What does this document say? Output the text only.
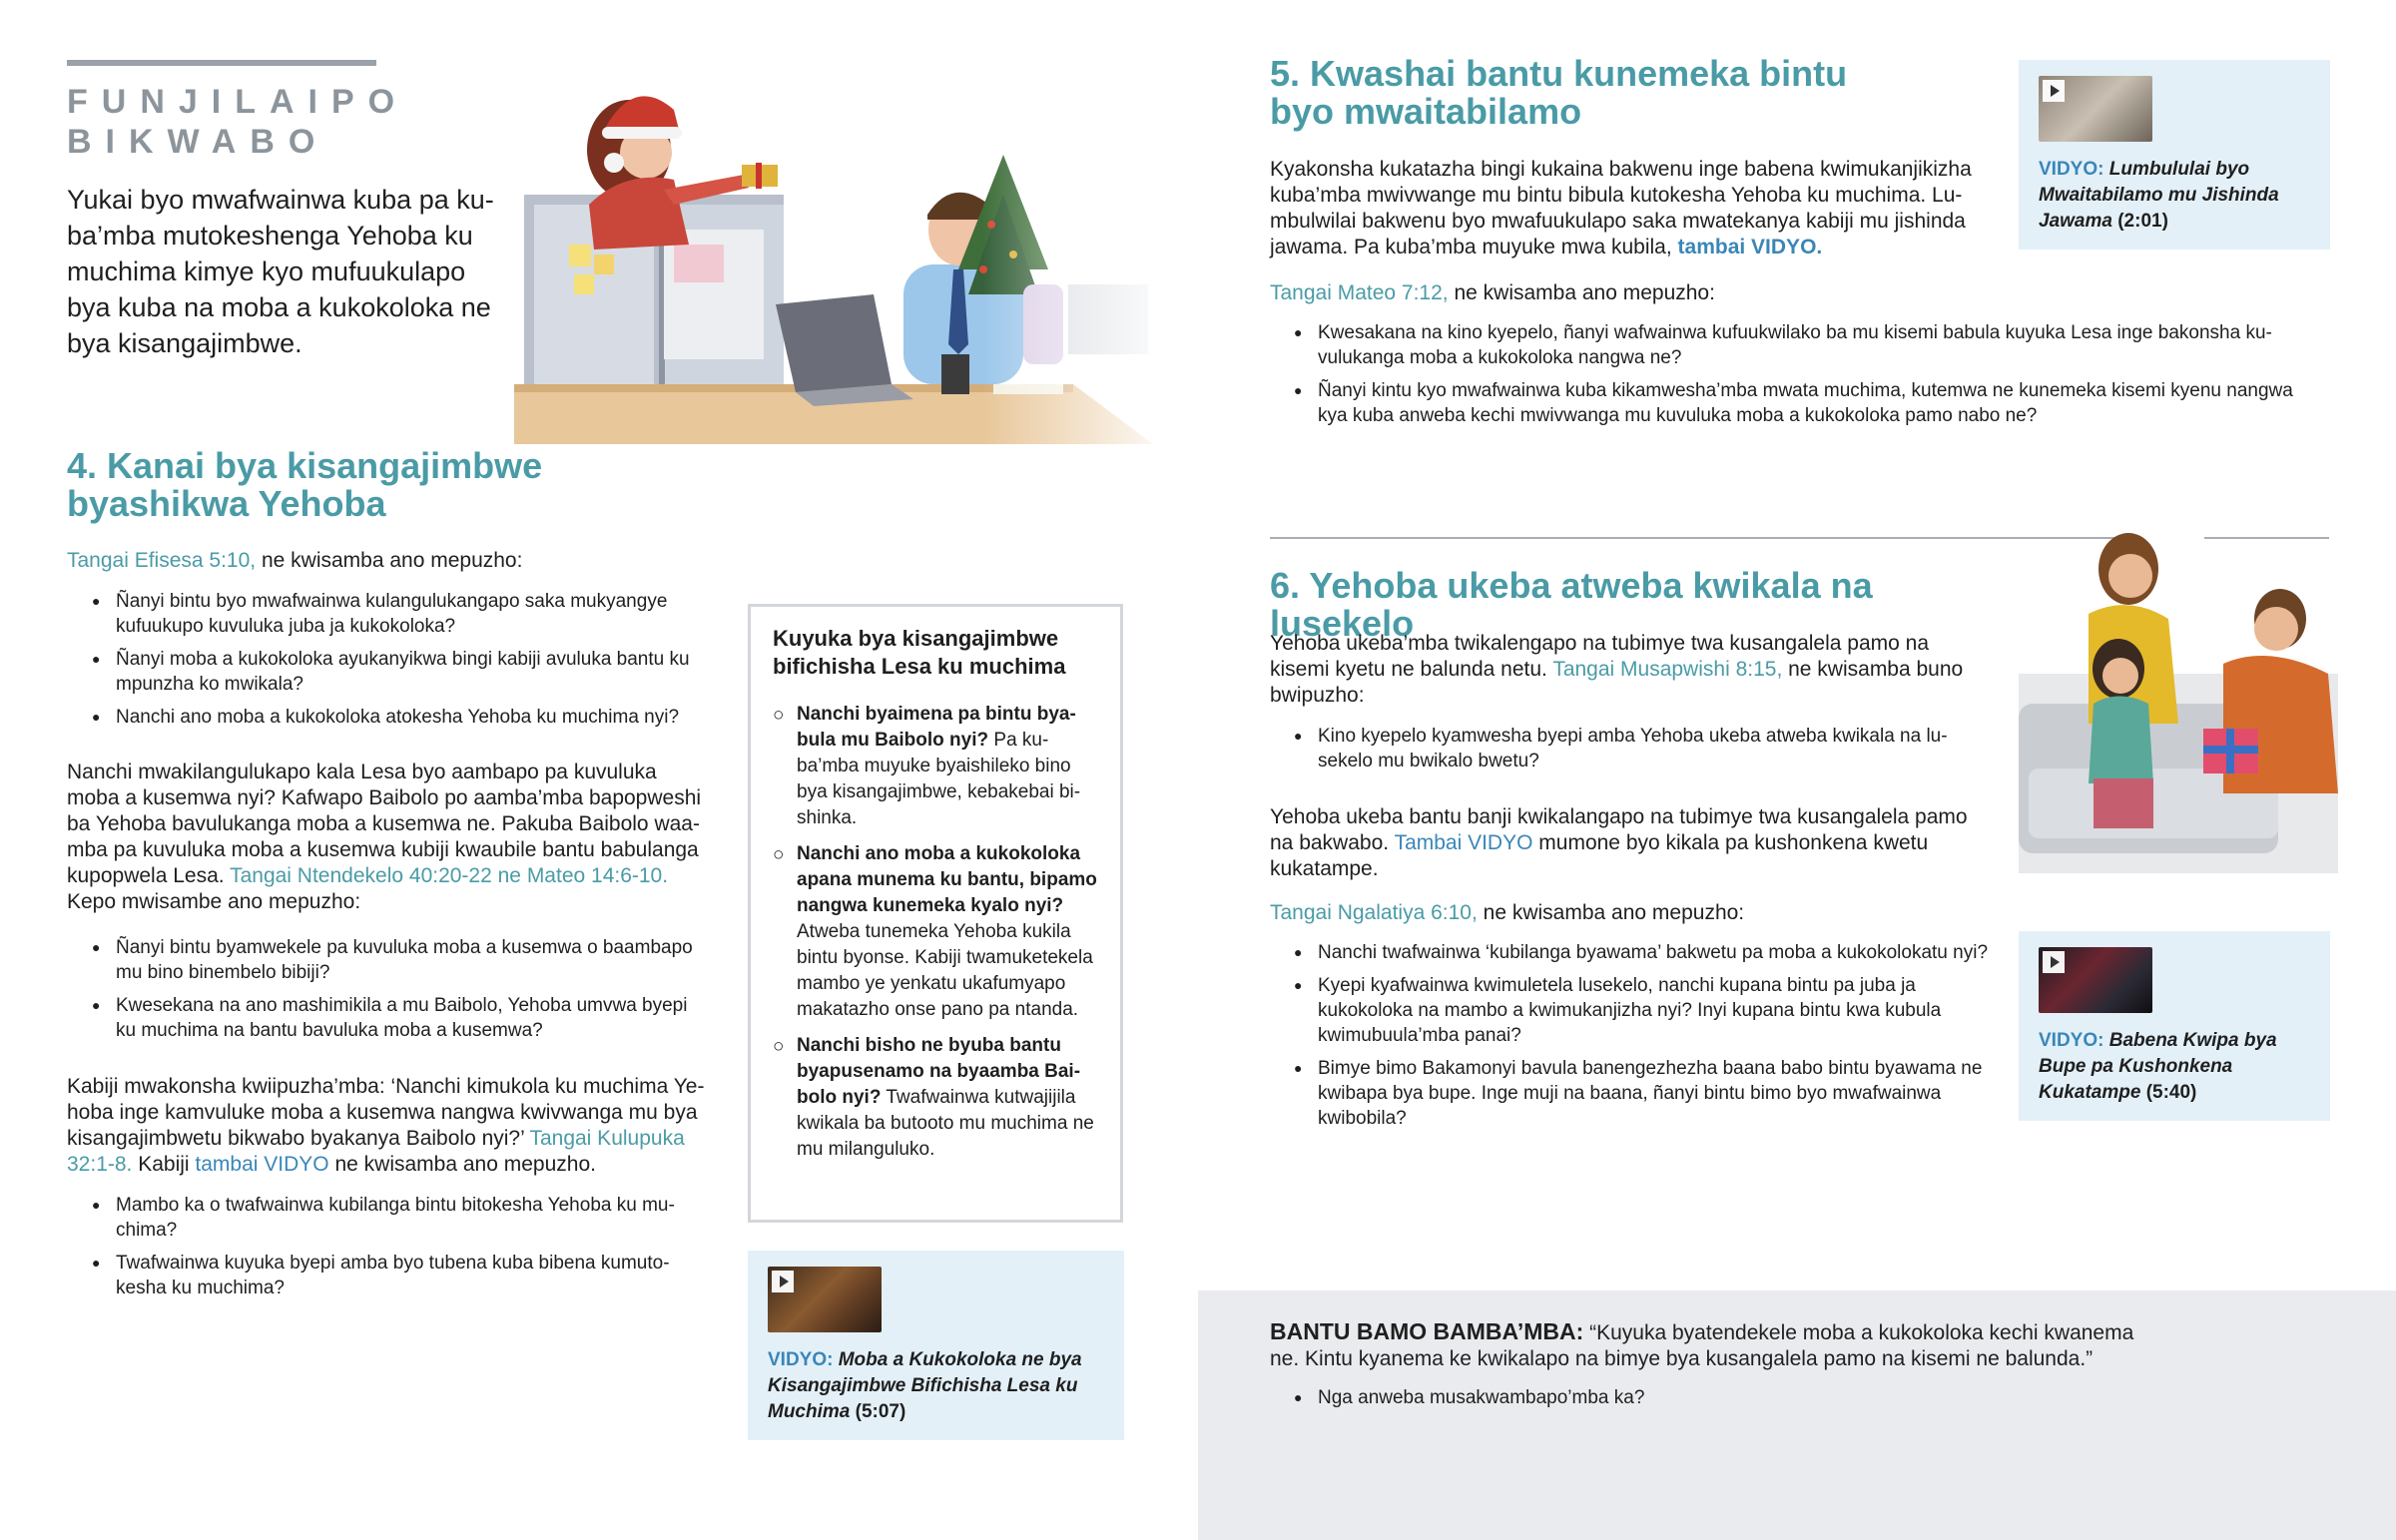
FUNJILAIPO
BIKWABO

Yukai byo mwafwainwa kuba pa kuba’mba mutokeshenga Yehoba ku muchima kimye kyo mufuukulapo bya kuba na moba a kukokoloka ne bya kisangajimbwe.

4. Kanai bya kisangajimbwe byashikwa Yehoba

Tangai Efisesa 5:10, ne kwisamba ano mepuzho:

● Ñanyi bintu byo mwafwainwa kulangulukangapo saka mukyangye kufuukupo kuvuluka juba ja kukokoloka?
● Ñanyi moba a kukokoloka ayukanyikwa bingi kabiji avuluka bantu ku mpunzha ko mwikala?
● Nanchi ano moba a kukokoloka atokesha Yehoba ku muchima nyi?

Nanchi mwakilangulukapo kala Lesa byo aambapo pa kuvuluka moba a kusemwa nyi? Kafwapo Baibolo po aamba’mba bapopweshi ba Yehoba bavulukanga moba a kusemwa ne. Pakuba Baibolo waamba pa kuvuluka moba a kusemwa kubiji kwaubile bantu babulanga kupopwela Lesa. Tangai Ntendekelo 40:20-22 ne Mateo 14:6-10. Kepo mwisambe ano mepuzho:

● Ñanyi bintu byamwekele pa kuvuluka moba a kusemwa o baambapo mu bino binembelo bibiji?
● Kwesekana na ano mashimikila a mu Baibolo, Yehoba umvwa byepi ku muchima na bantu bavuluka moba a kusemwa?

Kabiji mwakonsha kwiipuzha’mba: ‘Nanchi kimukola ku muchima Yehoba inge kamvuluke moba a kusemwa nangwa kwivwanga mu bya kisangajimbwetu bikwabo byakanya Baibolo nyi?’ Tangai Kulupuka 32:1-8. Kabiji tambai VIDYO ne kwisamba ano mepuzho.

● Mambo ka o twafwainwa kubilanga bintu bitokesha Yehoba ku muchima?
● Twafwainwa kuyuka byepi amba byo tubena kuba bibena kumutokesha ku muchima?
Kuyuka bya kisangajimbwe bifichisha Lesa ku muchima
○ Nanchi byaimena pa bintu byabula mu Baibolo nyi? Pa kuba’mba muyuke byaishileko bino bya kisangajimbwe, kebakebai bishinka.
○ Nanchi ano moba a kukokoloka apana munema ku bantu, bipamo nangwa kunemeka kyalo nyi? Atweba tunemeka Yehoba kukila bintu byonse. Kabiji twamuketekela mambo ye yenkatu ukafumyapo makatazho onse pano pa ntanda.
○ Nanchi bisho ne byuba bantu byapusenamo na byaamba Baibolo nyi? Twafwainwa kutwajijila kwikala ba butooto mu muchima ne mu milanguluko.
VIDYO: Moba a Kukokoloka ne bya Kisangajimbwe Bifichisha Lesa ku Muchima (5:07)
5. Kwashai bantu kunemeka bintu byo mwaitabilamo
VIDYO: Lumbululai byo Mwaitabilamo mu Jishinda Jawama (2:01)

Kyakonsha kukatazha bingi kukaina bakwenu inge babena kwimukanjikizha kuba’mba mwivwange mu bintu bibula kutokesha Yehoba ku muchima. Lumbulwilai bakwenu byo mwafuukulapo saka mwatekanya kabiji mu jishinda jawama. Pa kuba’mba muyuke mwa kubila, tambai VIDYO.

Tangai Mateo 7:12, ne kwisamba ano mepuzho:

● Kwesakana na kino kyepelo, ñanyi wafwainwa kufuukwilako ba mu kisemi babula kuyuka Lesa inge bakonsha kuvulukanga moba a kukokoloka nangwa ne?
● Ñanyi kintu kyo mwafwainwa kuba kikamwesha’mba mwata muchima, kutemwa ne kunemeka kisemi kyenu nangwa kya kuba anweba kechi mwivwanga mu kuvuluka moba a kukokoloka pamo nabo ne?
6. Yehoba ukeba atweba kwikala na lusekelo

Yehoba ukeba’mba twikalengapo na tubimye twa kusangalela pamo na kisemi kyetu ne balunda netu. Tangai Musapwishi 8:15, ne kwisamba buno bwipuzho:

● Kino kyepelo kyamwesha byepi amba Yehoba ukeba atweba kwikala na lusekelo mu bwikalo bwetu?

Yehoba ukeba bantu banji kwikalangapo na tubimye twa kusangalela pamo na bakwabo. Tambai VIDYO mumone byo kikala pa kushonkena kwetu kukatampe.

Tangai Ngalatiya 6:10, ne kwisamba ano mepuzho:

● Nanchi twafwainwa ‘kubilanga byawama’ bakwetu pa moba a kukokolokatu nyi?
● Kyepi kyafwainwa kwimuletela lusekelo, nanchi kupana bintu pa juba ja kukokoloka na mambo a kwimukanjizha nyi? Inyi kupana bintu kwa kubula kwimubuula’mba panai?
● Bimye bimo Bakamonyi bavula banengezhezha baana babo bintu byawama ne kwibapa bya bupe. Inge muji na baana, ñanyi bintu bimo byo mwafwainwa kwibobila?
VIDYO: Babena Kwipa bya Bupe pa Kushonkena Kukatampe (5:40)

BANTU BAMO BAMBA’MBA: “Kuyuka byatendekele moba a kukokoloka kechi kwanema ne. Kintu kyanema ke kwikalapo na bimye bya kusangalela pamo na kisemi ne balunda.”

● Nga anweba musakwambapo’mba ka?
